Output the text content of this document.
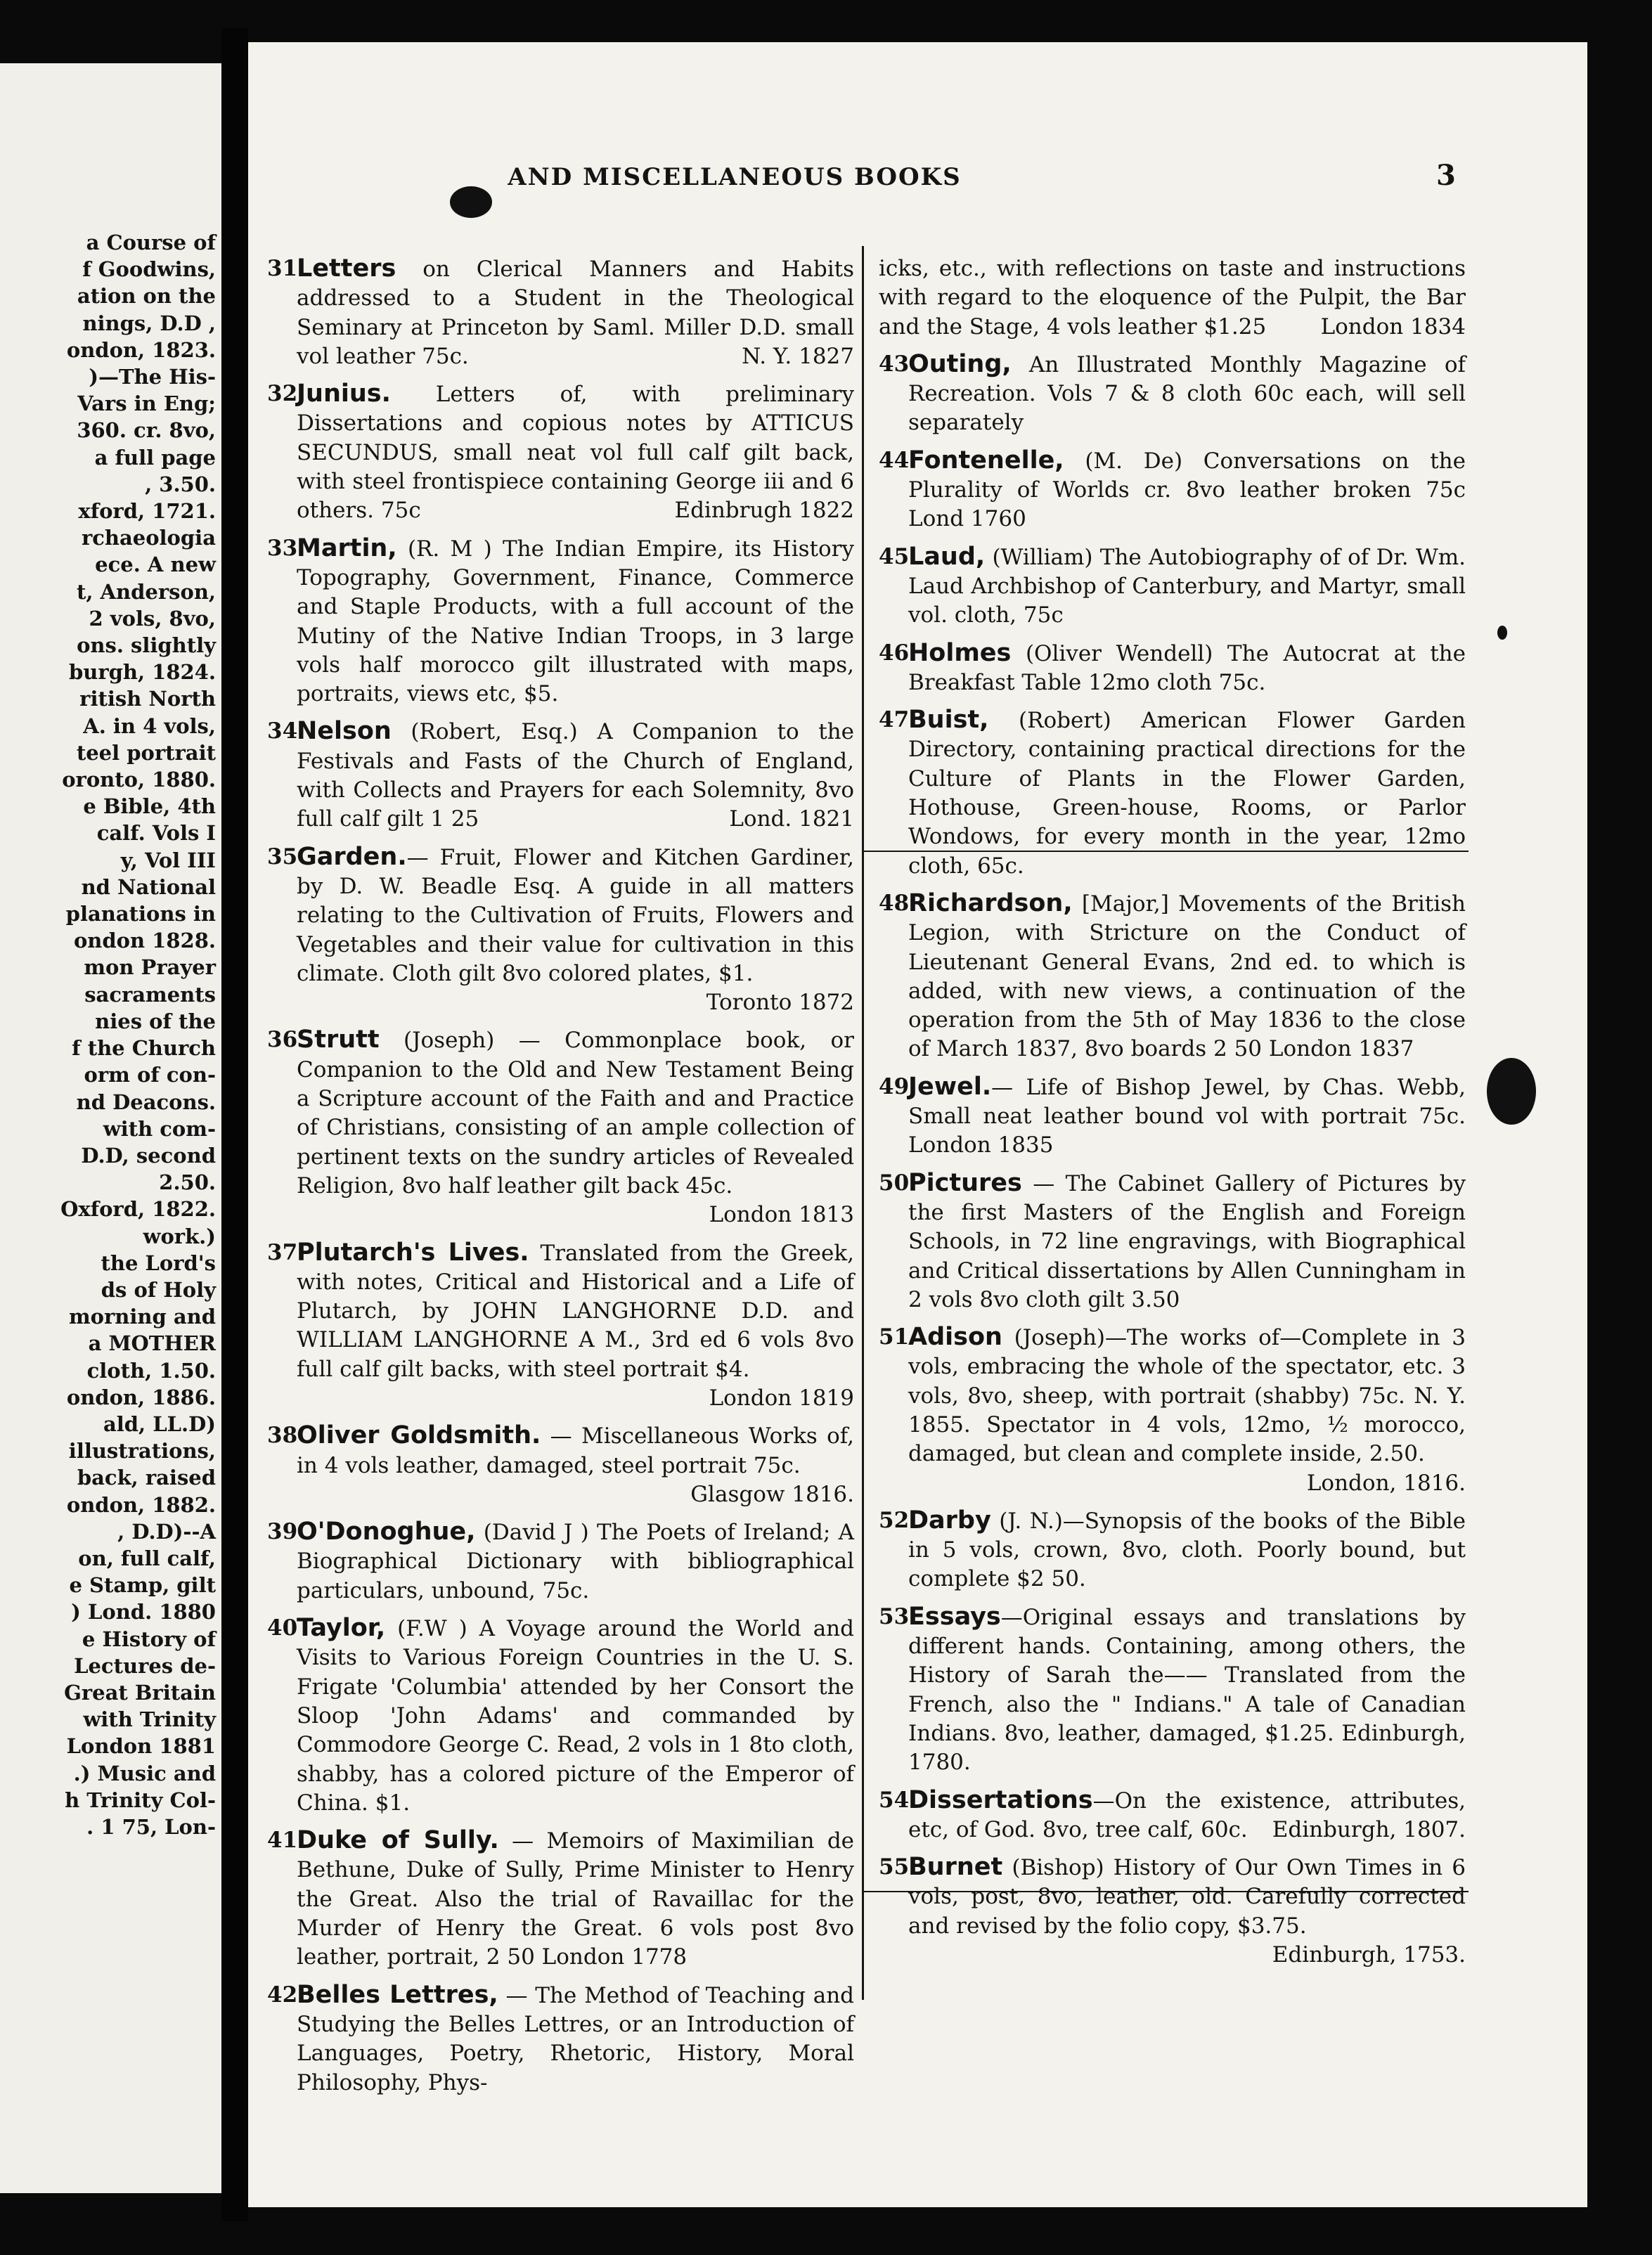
a Course of
f Goodwins,
ation on the
nings, D.D ,
ondon, 1823.
)—The His-
Vars in Eng;
360. cr. 8vo,
a full page
, 3.50.
xford, 1721.
rchaeologia
ece. A new
t, Anderson,
2 vols, 8vo,
ons. slightly
burgh, 1824.
ritish North
A. in 4 vols,
teel portrait
oronto, 1880.
e Bible, 4th
calf. Vols I
y, Vol III
nd National
planations in
ondon 1828.
mon Prayer
sacraments
nies of the
f the Church
orm of con-
nd Deacons.
with com-
D.D, second
2.50.
Oxford, 1822.
work.)
the Lord's
ds of Holy
morning and
a MOTHER
cloth, 1.50.
ondon, 1886.
ald, LL.D)
illustrations,
back, raised
ondon, 1882.
, D.D)--A
on, full calf,
e Stamp, gilt
) Lond. 1880
e History of
Lectures de-
Great Britain
with Trinity
London 1881
.) Music and
h Trinity Col-
. 1 75, Lon-
AND MISCELLANEOUS BOOKS	3
31
Letters on Clerical Manners and Habits addressed to a Student in the Theological Seminary at Princeton by Saml. Miller D.D. small vol leather 75c.	N. Y. 1827
32
Junius. Letters of, with preliminary Dissertations and copious notes by ATTICUS SECUNDUS, small neat vol full calf gilt back, with steel frontispiece containing George iii and 6 others. 75c	Edinbrugh 1822
33
Martin, (R. M ) The Indian Empire, its History Topography, Government, Finance, Commerce and Staple Products, with a full account of the Mutiny of the Native Indian Troops, in 3 large vols half morocco gilt illustrated with maps, portraits, views etc, $5.
34
Nelson (Robert, Esq.) A Companion to the Festivals and Fasts of the Church of England, with Collects and Prayers for each Solemnity, 8vo full calf gilt 1 25	Lond. 1821
35
Garden.— Fruit, Flower and Kitchen Gardiner, by D. W. Beadle Esq. A guide in all matters relating to the Cultivation of Fruits, Flowers and Vegetables and their value for cultivation in this climate. Cloth gilt 8vo colored plates, $1.
Toronto 1872
36
Strutt (Joseph) — Commonplace book, or Companion to the Old and New Testament Being a Scripture account of the Faith and and Practice of Christians, consisting of an ample collection of pertinent texts on the sundry articles of Revealed Religion, 8vo half leather gilt back 45c.
London 1813
37
Plutarch's Lives. Translated from the Greek, with notes, Critical and Historical and a Life of Plutarch, by JOHN LANGHORNE D.D. and WILLIAM LANGHORNE A M., 3rd ed 6 vols 8vo full calf gilt backs, with steel portrait $4.
London 1819
38
Oliver Goldsmith. — Miscellaneous Works of, in 4 vols leather, damaged, steel portrait 75c.
Glasgow 1816.
39
O'Donoghue, (David J ) The Poets of Ireland; A Biographical Dictionary with bibliographical particulars, unbound, 75c.
40
Taylor, (F.W ) A Voyage around the World and Visits to Various Foreign Countries in the U. S. Frigate 'Columbia' attended by her Consort the Sloop 'John Adams' and commanded by Commodore George C. Read, 2 vols in 1 8to cloth, shabby, has a colored picture of the Emperor of China. $1.
41
Duke of Sully. — Memoirs of Maximilian de Bethune, Duke of Sully, Prime Minister to Henry the Great. Also the trial of Ravaillac for the Murder of Henry the Great. 6 vols post 8vo leather, portrait, 2 50 London 1778
42
Belles Lettres, — The Method of Teaching and Studying the Belles Lettres, or an Introduction of Languages, Poetry, Rhetoric, History, Moral Philosophy, Phys-
icks, etc., with reflections on taste and instructions with regard to the eloquence of the Pulpit, the Bar and the Stage, 4 vols leather $1.25 London 1834
43
Outing, An Illustrated Monthly Magazine of Recreation. Vols 7 & 8 cloth 60c each, will sell separately
44
Fontenelle, (M. De) Conversations on the Plurality of Worlds cr. 8vo leather broken 75c Lond 1760
45
Laud, (William) The Autobiography of of Dr. Wm. Laud Archbishop of Canterbury, and Martyr, small vol. cloth, 75c
46
Holmes (Oliver Wendell) The Autocrat at the Breakfast Table 12mo cloth 75c.
47
Buist, (Robert) American Flower Garden Directory, containing practical directions for the Culture of Plants in the Flower Garden, Hothouse, Green-house, Rooms, or Parlor Wondows, for every month in the year, 12mo cloth, 65c.
48
Richardson, [Major,] Movements of the British Legion, with Stricture on the Conduct of Lieutenant General Evans, 2nd ed. to which is added, with new views, a continuation of the operation from the 5th of May 1836 to the close of March 1837, 8vo boards 2 50 London 1837
49
Jewel.— Life of Bishop Jewel, by Chas. Webb, Small neat leather bound vol with portrait 75c. London 1835
50
Pictures — The Cabinet Gallery of Pictures by the first Masters of the English and Foreign Schools, in 72 line engravings, with Biographical and Critical dissertations by Allen Cunningham in 2 vols 8vo cloth gilt 3.50
51
Adison (Joseph)—The works of—Complete in 3 vols, embracing the whole of the spectator, etc. 3 vols, 8vo, sheep, with portrait (shabby) 75c. N. Y. 1855. Spectator in 4 vols, 12mo, ½ morocco, damaged, but clean and complete inside, 2.50.
London, 1816.
52
Darby (J. N.)—Synopsis of the books of the Bible in 5 vols, crown, 8vo, cloth. Poorly bound, but complete $2 50.
53
Essays—Original essays and translations by different hands. Containing, among others, the History of Sarah the—— Translated from the French, also the " Indians." A tale of Canadian Indians. 8vo, leather, damaged, $1.25. Edinburgh, 1780.
54
Dissertations—On the existence, attributes, etc, of God. 8vo, tree calf, 60c. Edinburgh, 1807.
55
Burnet (Bishop) History of Our Own Times in 6 vols, post, 8vo, leather, old. Carefully corrected and revised by the folio copy, $3.75.
Edinburgh, 1753.
